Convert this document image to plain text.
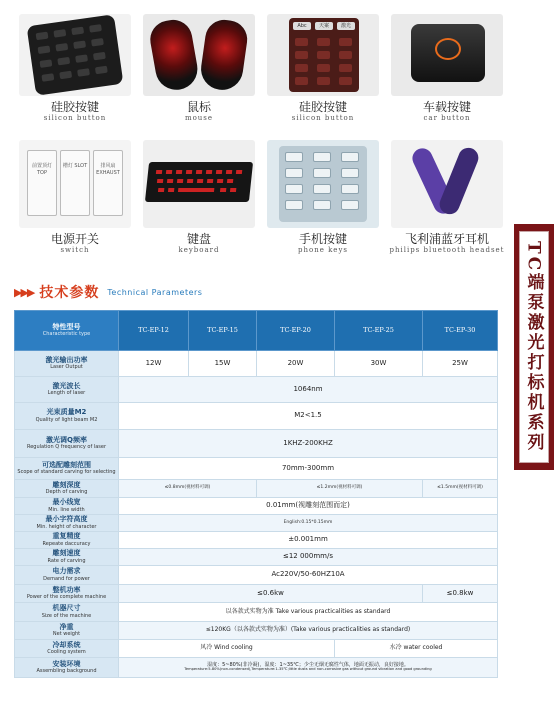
硅胶按键
silicon button
鼠标
mouse
Abc	天案	激光
硅胶按键
silicon button
车载按键
car button
前置顶灯 TOP
槽灯 SLOT	排风扇 EXHAUST
电源开关
switch
键盘
keyboard
手机按键
phone keys
飞利浦蓝牙耳机
philips bluetooth headset TC端泵激光打标机系列
▶▶▶ 技术参数 Technical Parameters
特性型号
Characteristic type	TC-EP-12	TC-EP-15	TC-EP-20	TC-EP-25	TC-EP-30

激光输出功率
Laser Output	12W	15W	20W	30W	25W

激光波长
Length of laser	1064nm				

光束质量M2
Quality of light beam M2	M2<1.5				

激光调Q频率
Regulation Q frequency of laser	1KHZ-200KHZ				

可选配雕刻范围
Scope of standard carving for selecting	70mm-300mm				

雕刻深度
Depth of carving	≤0.8mm(视材料可调)		≤1.2mm(视材料可调)		≤1.5mm(视材料可调)

最小线宽
Min. line width	0.01mm(视雕刻范围而定)				

最小字符高度
Min. height of character	English:0.15*0.15mm				

重复精度
Repeate daccuracy	±0.001mm				

雕刻速度
Rate of carving	≤12 000mm/s				

电力需求
Demand for power	Ac220V/50-60HZ10A				

整机功率
Power of the complete machine	≤0.6kw				≤0.8kw

机器尺寸
Size of the machine	以各款式实物为准 Take various practicalities as standard				

净重
Net weight	≤120KG（以各款式实物为准）(Take various practicalities as standard)				

冷却系统
Cooling system	风冷 Wind cooling			水冷 water cooled	

安装环境
Assembling background	湿度：5~80%(非冷凝)，温度：1~35℃；少尘无烟无腐性气体，地面无振动，良好接地。
Temperature:5-80%(non-condensed),Temperature:1-35℃;little dusts and non-corrosive gas without ground vibration and good grounding				
